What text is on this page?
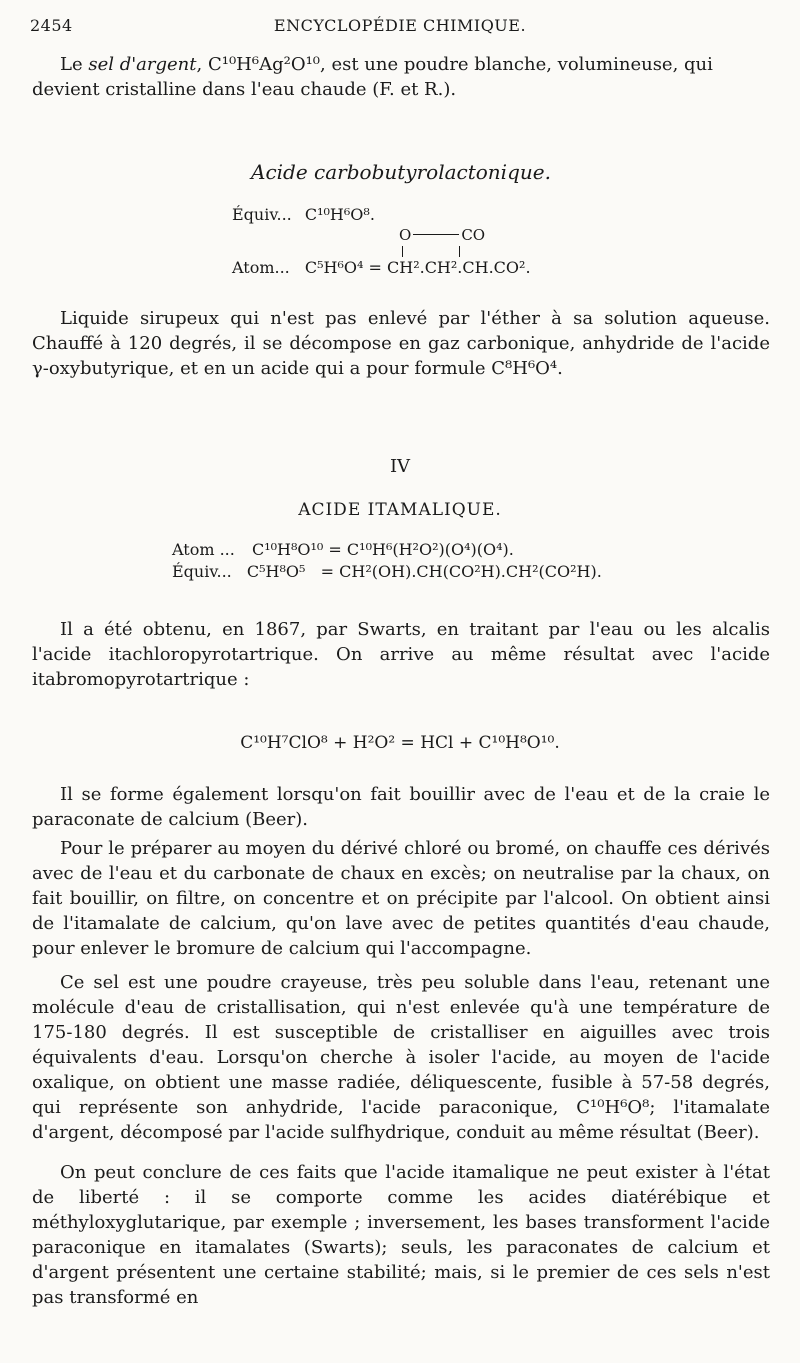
2454	ENCYCLOPÉDIE CHIMIQUE.
Le sel d'argent, C¹⁰H⁶Ag²O¹⁰, est une poudre blanche, volumineuse, qui
devient cristalline dans l'eau chaude (F. et R.).
Acide carbobutyrolactonique.
Équiv... C¹⁰H⁶O⁸.
O	CO
Atom... C⁵H⁶O⁴ = CH².CH².CH.CO².
Liquide sirupeux qui n'est pas enlevé par l'éther à sa solution aqueuse. Chauffé à 120 degrés, il se décompose en gaz carbonique, anhydride de l'acide γ-oxybutyrique, et en un acide qui a pour formule C⁸H⁶O⁴.
IV
ACIDE ITAMALIQUE.
Atom ... C¹⁰H⁸O¹⁰ = C¹⁰H⁶(H²O²)(O⁴)(O⁴).
Équiv... C⁵H⁸O⁵   = CH²(OH).CH(CO²H).CH²(CO²H).
Il a été obtenu, en 1867, par Swarts, en traitant par l'eau ou les alcalis l'acide itachloropyrotartrique. On arrive au même résultat avec l'acide itabromopyrotartrique :
C¹⁰H⁷ClO⁸ + H²O² = HCl + C¹⁰H⁸O¹⁰.
Il se forme également lorsqu'on fait bouillir avec de l'eau et de la craie le paraconate de calcium (Beer).
Pour le préparer au moyen du dérivé chloré ou bromé, on chauffe ces dérivés avec de l'eau et du carbonate de chaux en excès; on neutralise par la chaux, on fait bouillir, on filtre, on concentre et on précipite par l'alcool. On obtient ainsi de l'itamalate de calcium, qu'on lave avec de petites quantités d'eau chaude, pour enlever le bromure de calcium qui l'accompagne.
Ce sel est une poudre crayeuse, très peu soluble dans l'eau, retenant une molécule d'eau de cristallisation, qui n'est enlevée qu'à une température de 175-180 degrés. Il est susceptible de cristalliser en aiguilles avec trois équivalents d'eau. Lorsqu'on cherche à isoler l'acide, au moyen de l'acide oxalique, on obtient une masse radiée, déliquescente, fusible à 57-58 degrés, qui représente son anhydride, l'acide paraconique, C¹⁰H⁶O⁸; l'itamalate d'argent, décomposé par l'acide sulfhydrique, conduit au même résultat (Beer).
On peut conclure de ces faits que l'acide itamalique ne peut exister à l'état de liberté : il se comporte comme les acides diatérébique et méthyloxyglutarique, par exemple ; inversement, les bases transforment l'acide paraconique en itamalates (Swarts); seuls, les paraconates de calcium et d'argent présentent une certaine stabilité; mais, si le premier de ces sels n'est pas transformé en
